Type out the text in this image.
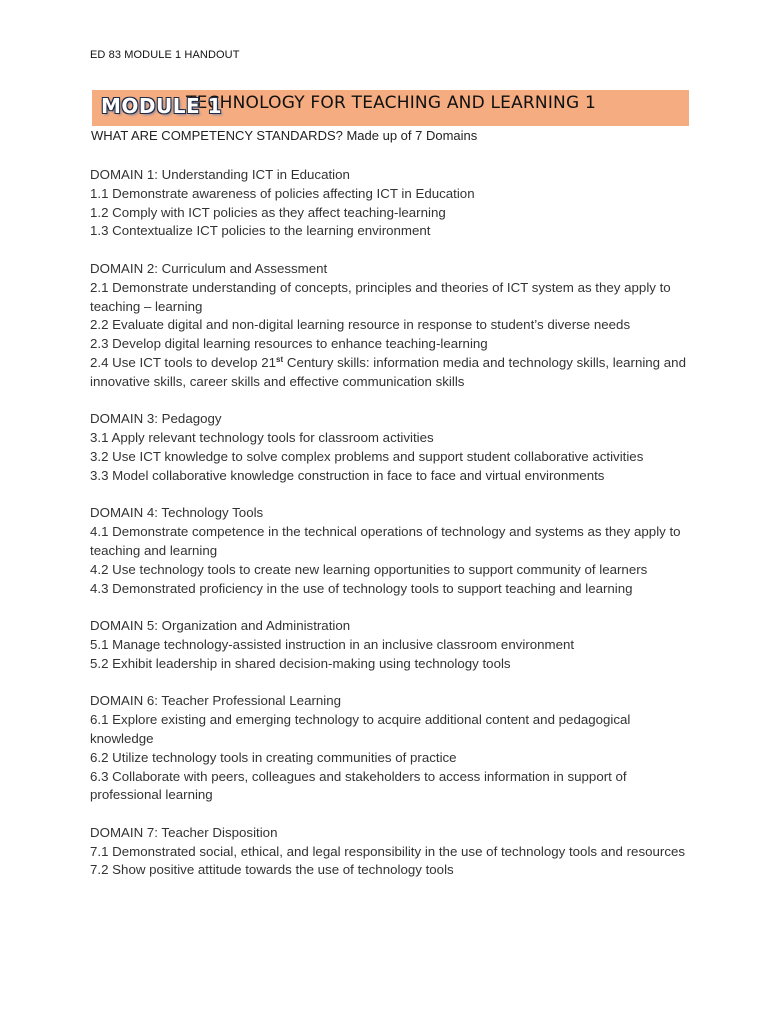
ED 83 MODULE 1 HANDOUT
TECHNOLOGY FOR TEACHING AND LEARNING 1
MODULE 1
WHAT ARE COMPETENCY STANDARDS? Made up of 7 Domains

DOMAIN 1: Understanding ICT in Education

1.1 Demonstrate awareness of policies affecting ICT in Education

1.2 Comply with ICT policies as they affect teaching-learning

1.3 Contextualize ICT policies to the learning environment

DOMAIN 2: Curriculum and Assessment

2.1 Demonstrate understanding of concepts, principles and theories of ICT system as they apply to teaching – learning

2.2 Evaluate digital and non-digital learning resource in response to student’s diverse needs

2.3 Develop digital learning resources to enhance teaching-learning

2.4 Use ICT tools to develop 21st Century skills: information media and technology skills, learning and innovative skills, career skills and effective communication skills

DOMAIN 3: Pedagogy

3.1 Apply relevant technology tools for classroom activities

3.2 Use ICT knowledge to solve complex problems and support student collaborative activities

3.3 Model collaborative knowledge construction in face to face and virtual environments

DOMAIN 4: Technology Tools

4.1 Demonstrate competence in the technical operations of technology and systems as they apply to teaching and learning

4.2 Use technology tools to create new learning opportunities to support community of learners

4.3 Demonstrated proficiency in the use of technology tools to support teaching and learning

DOMAIN 5: Organization and Administration

5.1 Manage technology-assisted instruction in an inclusive classroom environment

5.2 Exhibit leadership in shared decision-making using technology tools

DOMAIN 6: Teacher Professional Learning

6.1 Explore existing and emerging technology to acquire additional content and pedagogical knowledge

6.2 Utilize technology tools in creating communities of practice

6.3 Collaborate with peers, colleagues and stakeholders to access information in support of professional learning

DOMAIN 7: Teacher Disposition

7.1 Demonstrated social, ethical, and legal responsibility in the use of technology tools and resources

7.2 Show positive attitude towards the use of technology tools
